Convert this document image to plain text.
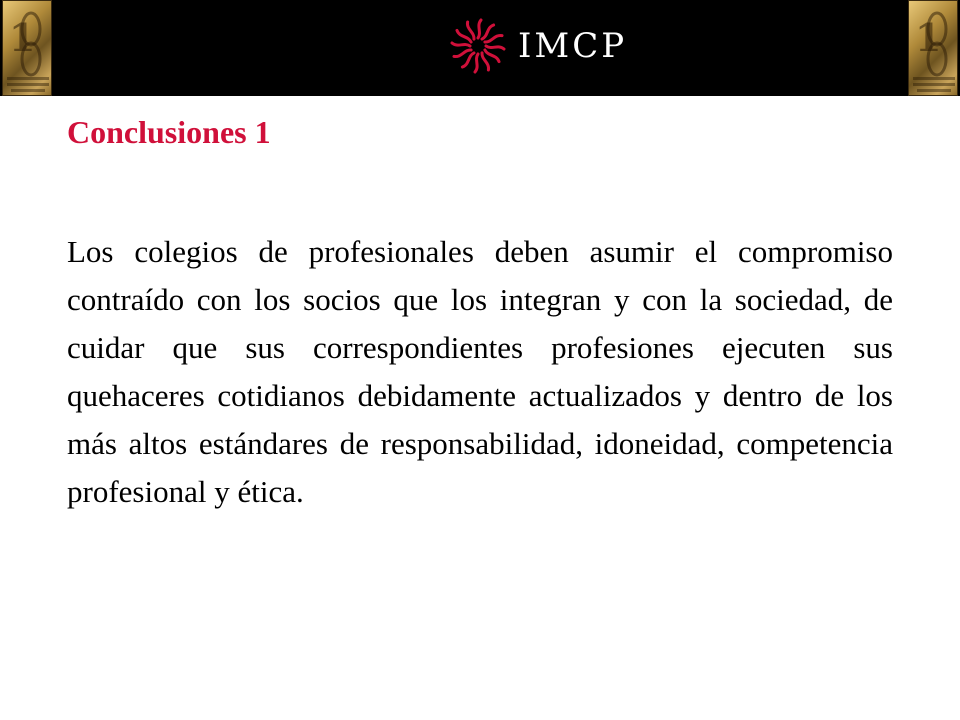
1	IMCP	1
Conclusiones 1

Los colegios de profesionales deben asumir el compromiso contraído con los socios que los integran y con la sociedad, de cuidar que sus correspondientes profesiones ejecuten sus quehaceres cotidianos debidamente actualizados y dentro de los más altos estándares de responsabilidad, idoneidad, competencia profesional y ética.
